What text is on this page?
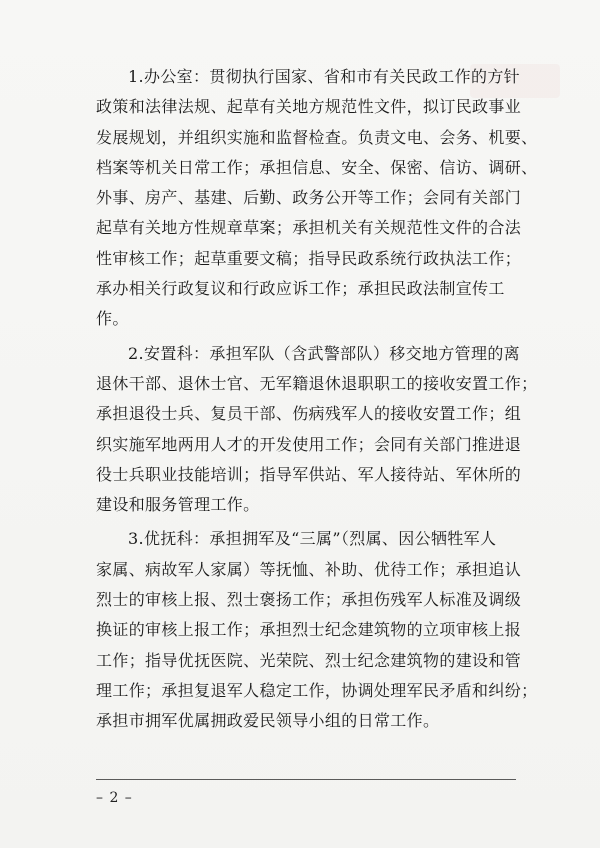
1.办公室：贯彻执行国家、省和市有关民政工作的方针
政策和法律法规、起草有关地方规范性文件，拟订民政事业
发展规划，并组织实施和监督检查。负责文电、会务、机要、
档案等机关日常工作；承担信息、安全、保密、信访、调研、
外事、房产、基建、后勤、政务公开等工作；会同有关部门
起草有关地方性规章草案；承担机关有关规范性文件的合法
性审核工作；起草重要文稿；指导民政系统行政执法工作；
承办相关行政复议和行政应诉工作；承担民政法制宣传工
作。
2.安置科：承担军队（含武警部队）移交地方管理的离
退休干部、退休士官、无军籍退休退职职工的接收安置工作；
承担退役士兵、复员干部、伤病残军人的接收安置工作；组
织实施军地两用人才的开发使用工作；会同有关部门推进退
役士兵职业技能培训；指导军供站、军人接待站、军休所的
建设和服务管理工作。
3.优抚科：承担拥军及“三属”（烈属、因公牺牲军人
家属、病故军人家属）等抚恤、补助、优待工作；承担追认
烈士的审核上报、烈士褒扬工作；承担伤残军人标准及调级
换证的审核上报工作；承担烈士纪念建筑物的立项审核上报
工作；指导优抚医院、光荣院、烈士纪念建筑物的建设和管
理工作；承担复退军人稳定工作，协调处理军民矛盾和纠纷；
承担市拥军优属拥政爱民领导小组的日常工作。
– 2 –
